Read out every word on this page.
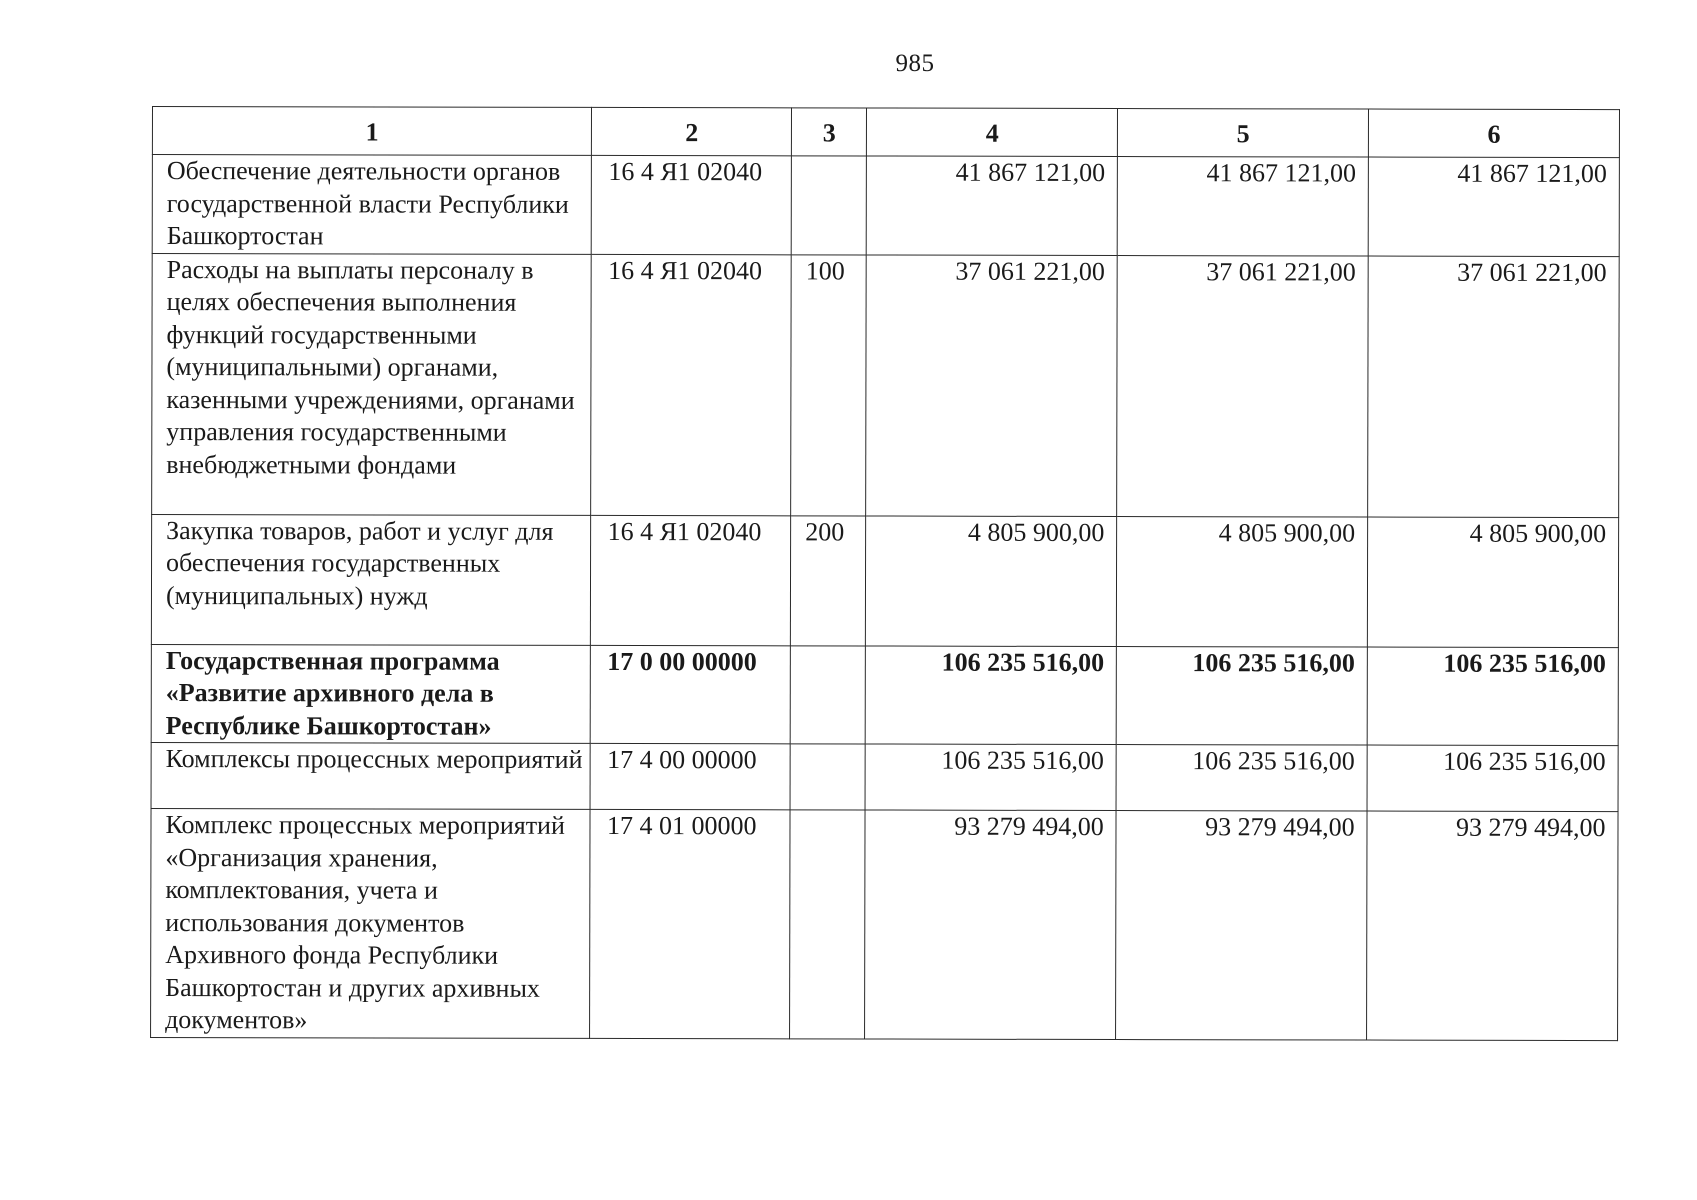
985
1	2	3	4	5	6
Обеспечение деятельности органов государственной власти Республики Башкортостан	16 4 Я1 02040		41 867 121,00	41 867 121,00	41 867 121,00
Расходы на выплаты персоналу в целях обеспечения выполнения функций государственными (муниципальными) органами, казенными учреждениями, органами управления государственными внебюджетными фондами	16 4 Я1 02040	100	37 061 221,00	37 061 221,00	37 061 221,00
Закупка товаров, работ и услуг для обеспечения государственных (муниципальных) нужд	16 4 Я1 02040	200	4 805 900,00	4 805 900,00	4 805 900,00
Государственная программа «Развитие архивного дела в Республике Башкортостан»	17 0 00 00000		106 235 516,00	106 235 516,00	106 235 516,00
Комплексы процессных мероприятий	17 4 00 00000		106 235 516,00	106 235 516,00	106 235 516,00
Комплекс процессных мероприятий «Организация хранения, комплектования, учета и использования документов Архивного фонда Республики Башкортостан и других архивных документов»	17 4 01 00000		93 279 494,00	93 279 494,00	93 279 494,00
